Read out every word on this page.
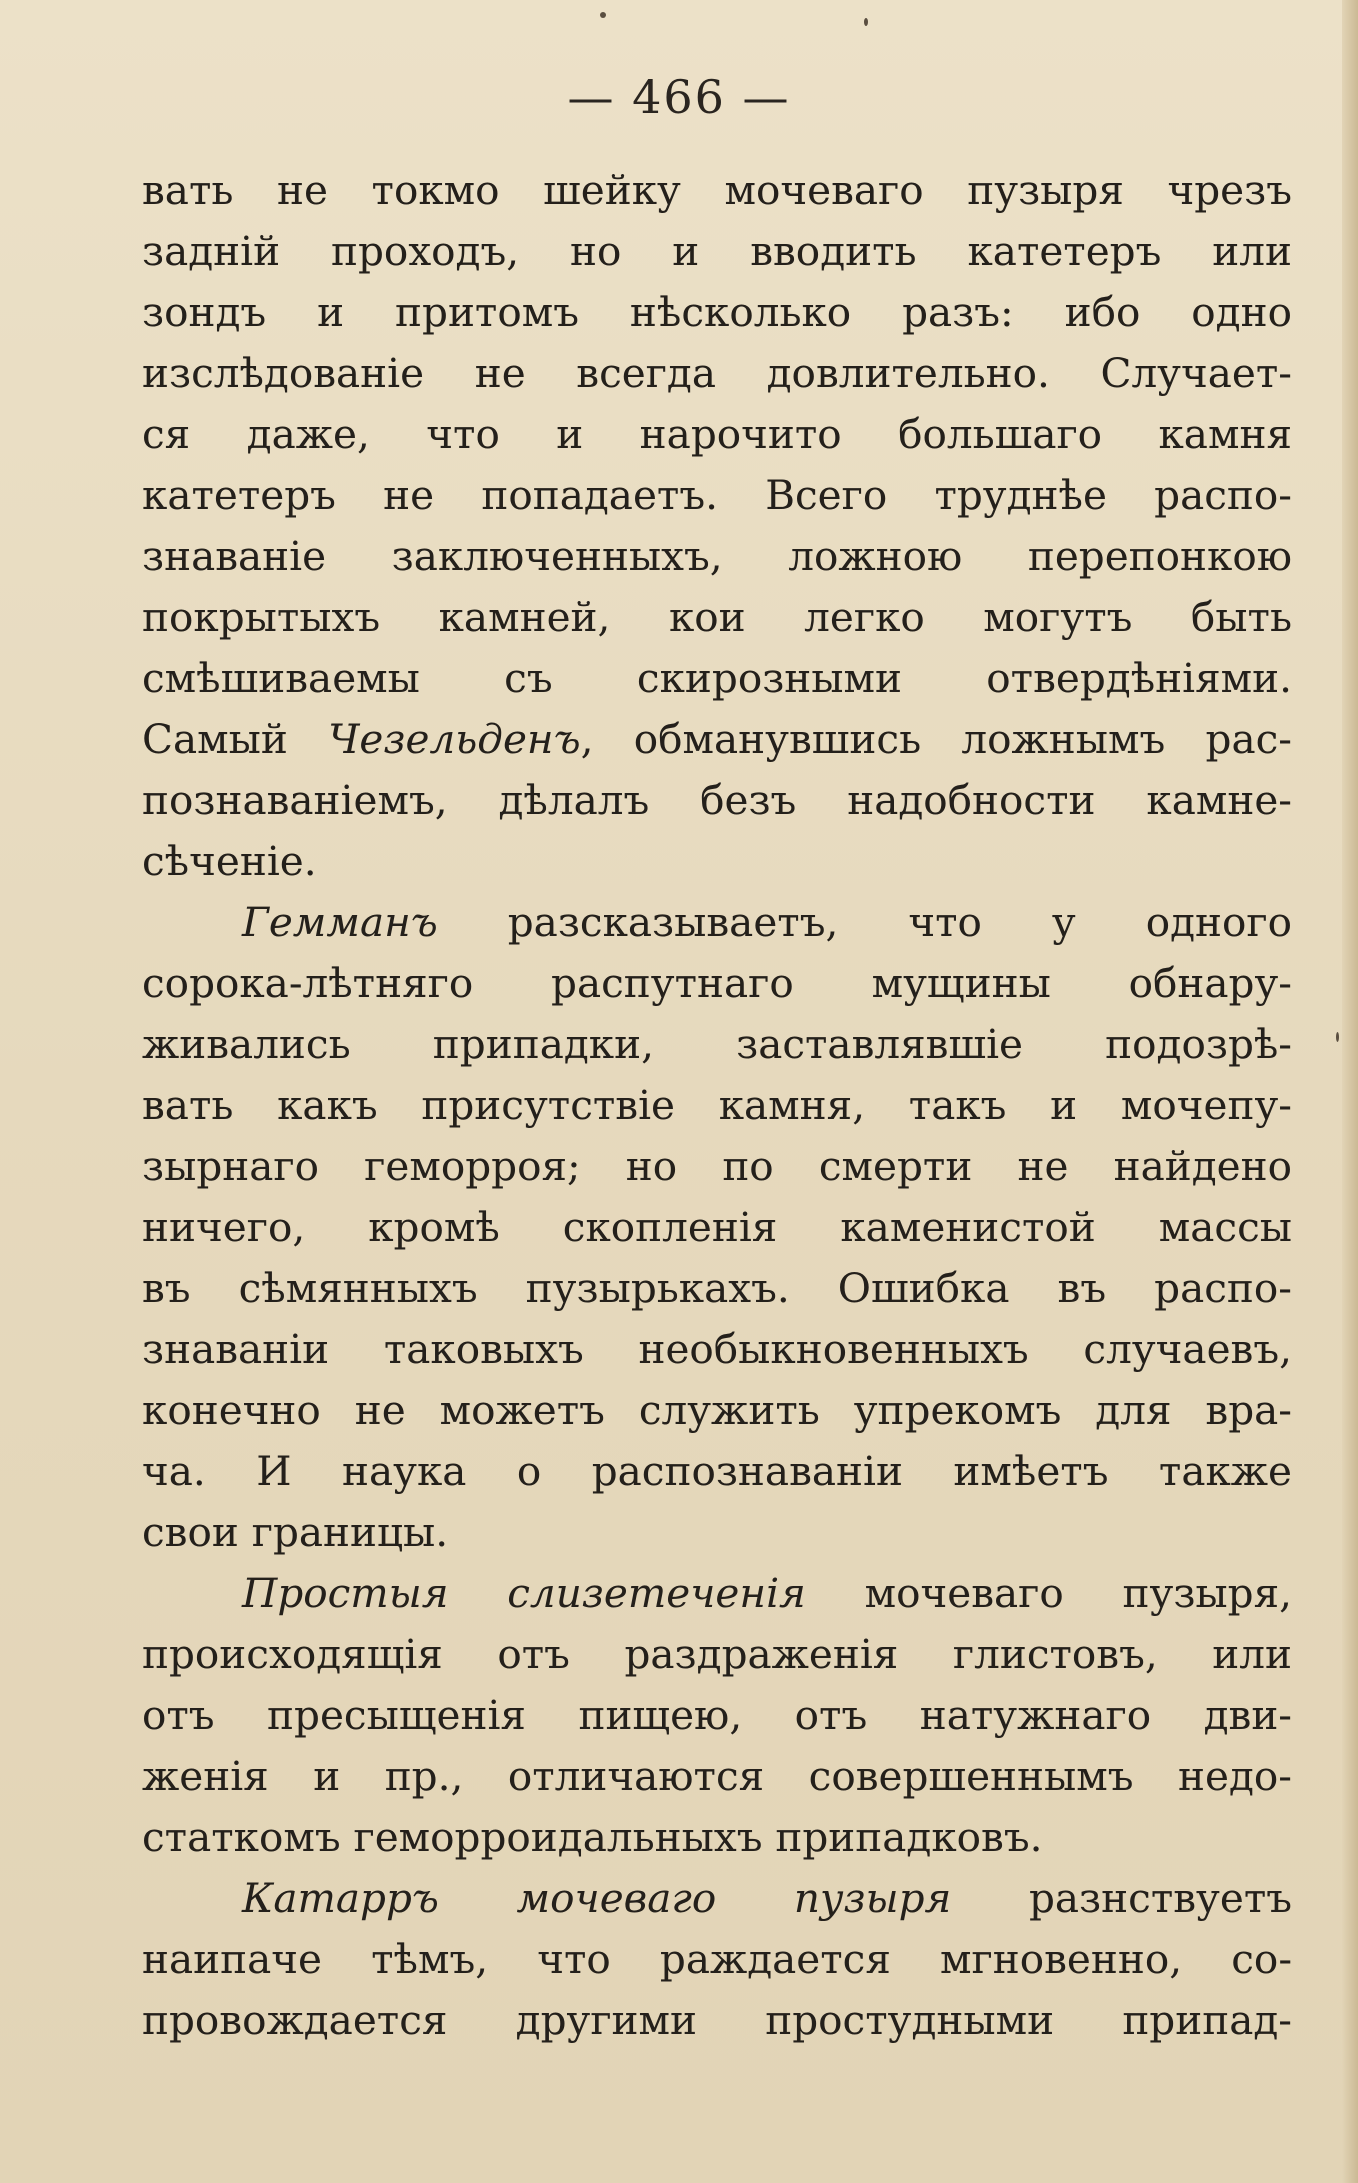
— 466 —
вать не токмо шейку мочеваго пузыря чрезъ
задній проходъ, но и вводить катетеръ или
зондъ и притомъ нѣсколько разъ: ибо одно
изслѣдованіе не всегда довлительно. Случает-
ся даже, что и нарочито большаго камня
катетеръ не попадаетъ. Всего труднѣе распо-
знаваніе заключенныхъ, ложною перепонкою
покрытыхъ камней, кои легко могутъ быть
смѣшиваемы съ скирозными отвердѣніями.
Самый Чезельденъ, обманувшись ложнымъ рас-
познаваніемъ, дѣлалъ безъ надобности камне-
сѣченіе.
Гемманъ разсказываетъ, что у одного
сорока-лѣтняго распутнаго мущины обнару-
живались припадки, заставлявшіе подозрѣ-
вать какъ присутствіе камня, такъ и мочепу-
зырнаго геморроя; но по смерти не найдено
ничего, кромѣ скопленія каменистой массы
въ сѣмянныхъ пузырькахъ. Ошибка въ распо-
знаваніи таковыхъ необыкновенныхъ случаевъ,
конечно не можетъ служить упрекомъ для вра-
ча. И наука о распознаваніи имѣетъ также
свои границы.
Простыя слизетеченія мочеваго пузыря,
происходящія отъ раздраженія глистовъ, или
отъ пресыщенія пищею, отъ натужнаго дви-
женія и пр., отличаются совершеннымъ недо-
статкомъ геморроидальныхъ припадковъ.
Катарръ мочеваго пузыря разнствуетъ
наипаче тѣмъ, что раждается мгновенно, со-
провождается другими простудными припад-
